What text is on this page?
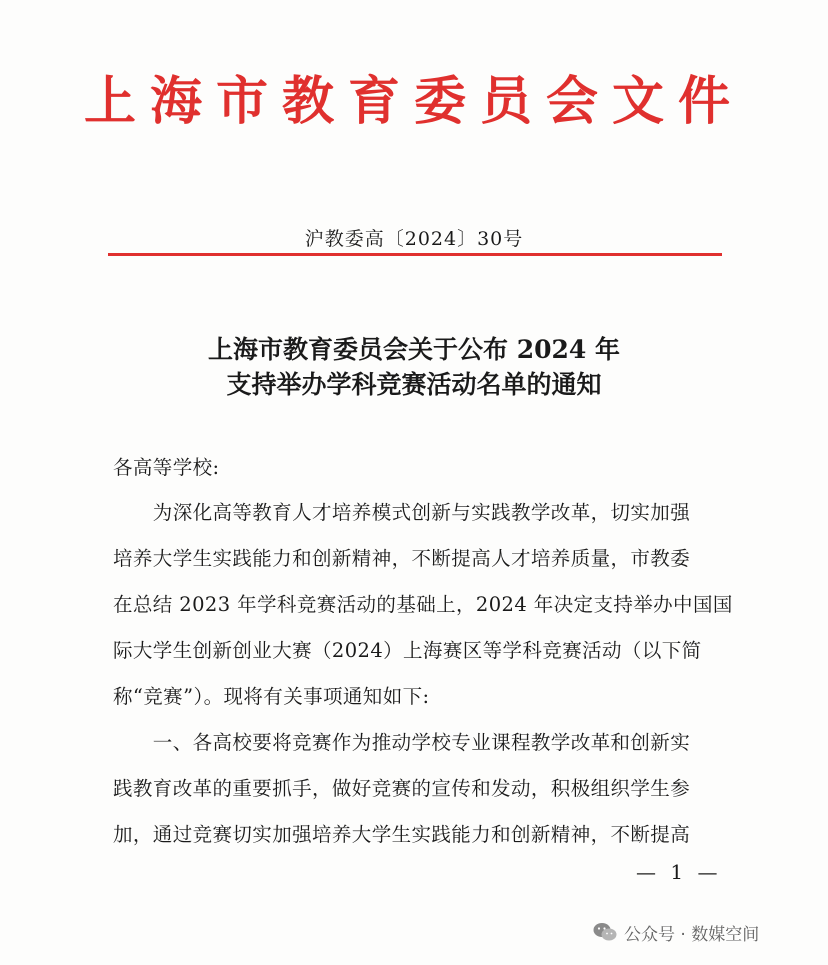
上海市教育委员会文件
沪教委高〔2024〕30号
上海市教育委员会关于公布 2024 年
支持举办学科竞赛活动名单的通知
各高等学校:
　　为深化高等教育人才培养模式创新与实践教学改革，切实加强
培养大学生实践能力和创新精神，不断提高人才培养质量，市教委
在总结 2023 年学科竞赛活动的基础上，2024 年决定支持举办中国国
际大学生创新创业大赛（2024）上海赛区等学科竞赛活动（以下简
称“竞赛”）。现将有关事项通知如下:
　　一、各高校要将竞赛作为推动学校专业课程教学改革和创新实
践教育改革的重要抓手，做好竞赛的宣传和发动，积极组织学生参
加，通过竞赛切实加强培养大学生实践能力和创新精神，不断提高
— 1 —
公众号 · 数媒空间
